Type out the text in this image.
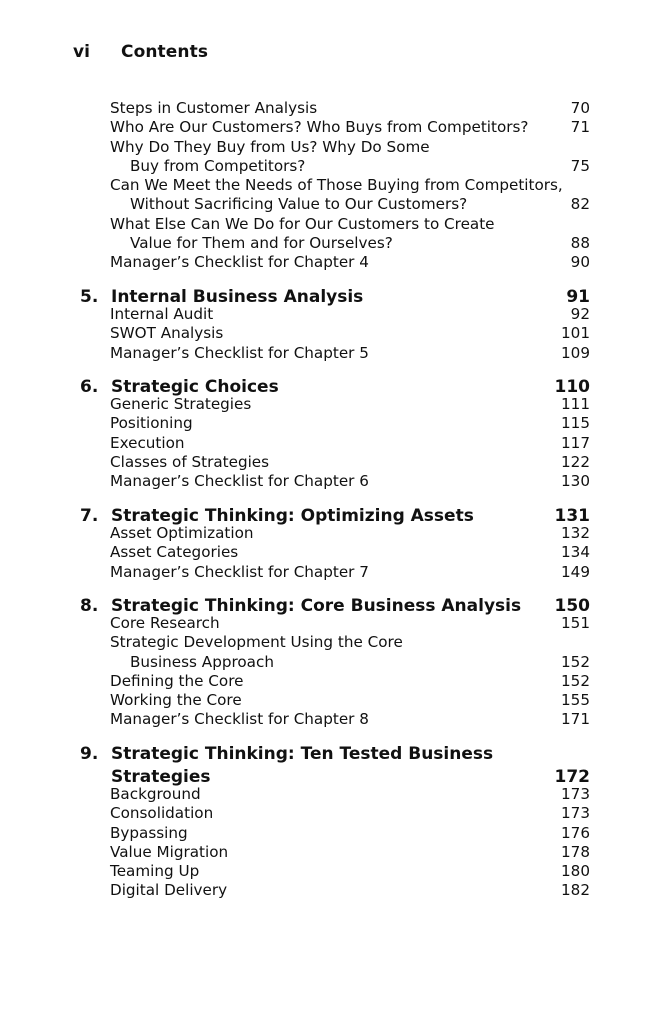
vi Contents
Steps in Customer Analysis	70
Who Are Our Customers? Who Buys from Competitors?	71
Why Do They Buy from Us? Why Do Some
Buy from Competitors?	75
Can We Meet the Needs of Those Buying from Competitors,
Without Sacrificing Value to Our Customers?	82
What Else Can We Do for Our Customers to Create
Value for Them and for Ourselves?	88
Manager’s Checklist for Chapter 4	90
5. Internal Business Analysis	91
Internal Audit	92
SWOT Analysis	101
Manager’s Checklist for Chapter 5	109
6. Strategic Choices	110
Generic Strategies	111
Positioning	115
Execution	117
Classes of Strategies	122
Manager’s Checklist for Chapter 6	130
7. Strategic Thinking: Optimizing Assets	131
Asset Optimization	132
Asset Categories	134
Manager’s Checklist for Chapter 7	149
8. Strategic Thinking: Core Business Analysis 150
Core Research	151
Strategic Development Using the Core
Business Approach	152
Defining the Core	152
Working the Core	155
Manager’s Checklist for Chapter 8	171
9. Strategic Thinking: Ten Tested Business
Strategies	172
Background	173
Consolidation	173
Bypassing	176
Value Migration	178
Teaming Up	180
Digital Delivery	182
